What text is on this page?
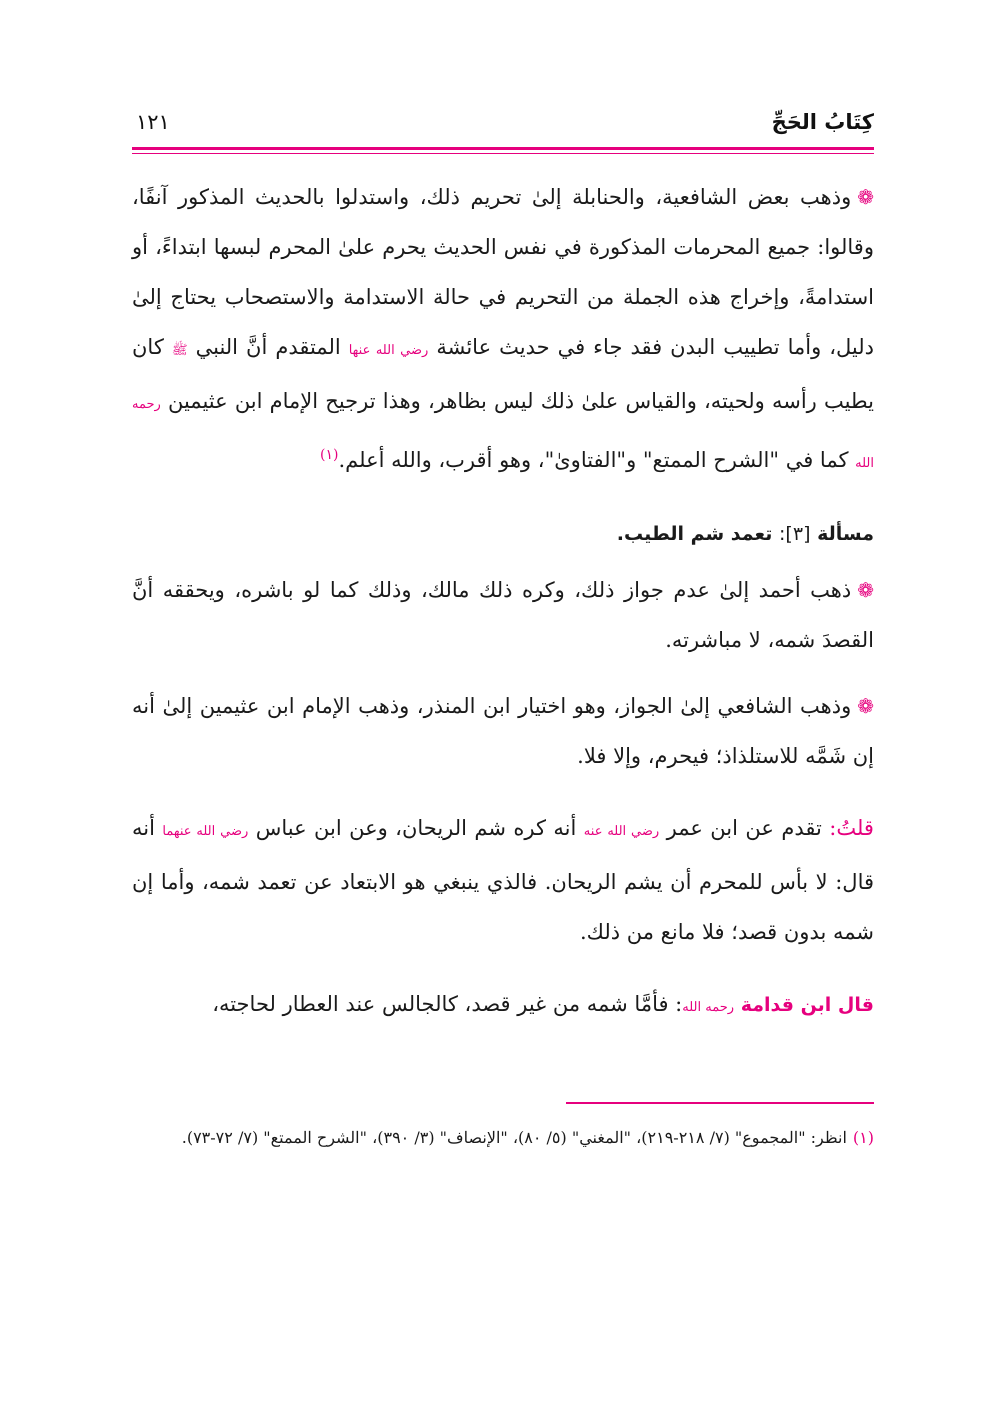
كِتَابُ الحَجِّ
١٢١

❁وذهب بعض الشافعية، والحنابلة إلىٰ تحريم ذلك، واستدلوا بالحديث المذكور آنفًا، وقالوا: جميع المحرمات المذكورة في نفس الحديث يحرم علىٰ المحرم لبسها ابتداءً، أو استدامةً، وإخراج هذه الجملة من التحريم في حالة الاستدامة والاستصحاب يحتاج إلىٰ دليل، وأما تطييب البدن فقد جاء في حديث عائشة رضي الله عنها المتقدم أنَّ النبي ﷺ كان يطيب رأسه ولحيته، والقياس علىٰ ذلك ليس بظاهر، وهذا ترجيح الإمام ابن عثيمين رحمه الله كما في "الشرح الممتع" و"الفتاوىٰ"، وهو أقرب، والله أعلم.$^{(١)}$

مسألة [٣]: تعمد شم الطيب.

❁ذهب أحمد إلىٰ عدم جواز ذلك، وكره ذلك مالك، وذلك كما لو باشره، ويحققه أنَّ القصدَ شمه، لا مباشرته.

❁وذهب الشافعي إلىٰ الجواز، وهو اختيار ابن المنذر، وذهب الإمام ابن عثيمين إلىٰ أنه إن شَمَّه للاستلذاذ؛ فيحرم، وإلا فلا.

قلتُ: تقدم عن ابن عمر رضي الله عنه أنه كره شم الريحان، وعن ابن عباس رضي الله عنهما أنه قال: لا بأس للمحرم أن يشم الريحان. فالذي ينبغي هو الابتعاد عن تعمد شمه، وأما إن شمه بدون قصد؛ فلا مانع من ذلك.

قال ابن قدامة رحمه الله: فأمَّا شمه من غير قصد، كالجالس عند العطار لحاجته،

(١)انظر: "المجموع" (٧/ ٢١٨-٢١٩)، "المغني" (٥/ ٨٠)، "الإنصاف" (٣/ ٣٩٠)، "الشرح الممتع" (٧/ ٧٢-٧٣).
